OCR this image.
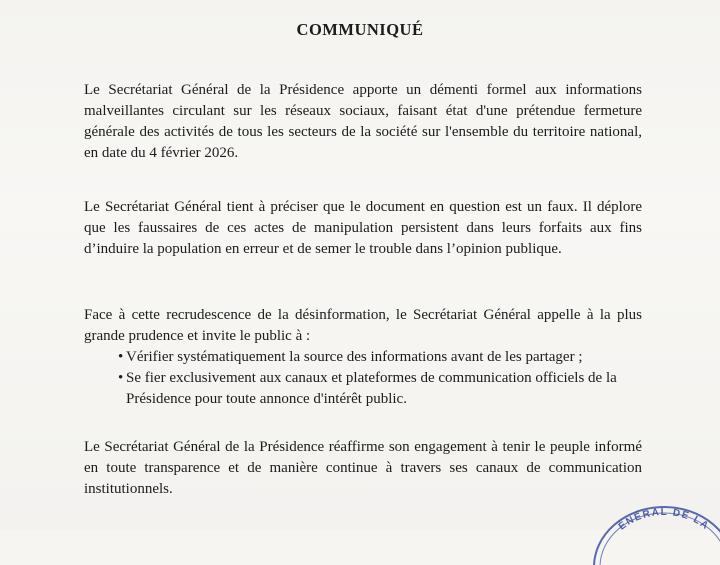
COMMUNIQUÉ

Le Secrétariat Général de la Présidence apporte un démenti formel aux informations malveillantes circulant sur les réseaux sociaux, faisant état d'une prétendue fermeture générale des activités de tous les secteurs de la société sur l'ensemble du territoire national, en date du 4 février 2026.

Le Secrétariat Général tient à préciser que le document en question est un faux. Il déplore que les faussaires de ces actes de manipulation persistent dans leurs forfaits aux fins d’induire la population en erreur et de semer le trouble dans l’opinion publique.

Face à cette recrudescence de la désinformation, le Secrétariat Général appelle à la plus grande prudence et invite le public à :

• Vérifier systématiquement la source des informations avant de les partager ;
• Se fier exclusivement aux canaux et plateformes de communication officiels de la Présidence pour toute annonce d'intérêt public.

Le Secrétariat Général de la Présidence réaffirme son engagement à tenir le peuple informé en toute transparence et de manière continue à travers ses canaux de communication institutionnels.

ÉNÉRAL DE LA
